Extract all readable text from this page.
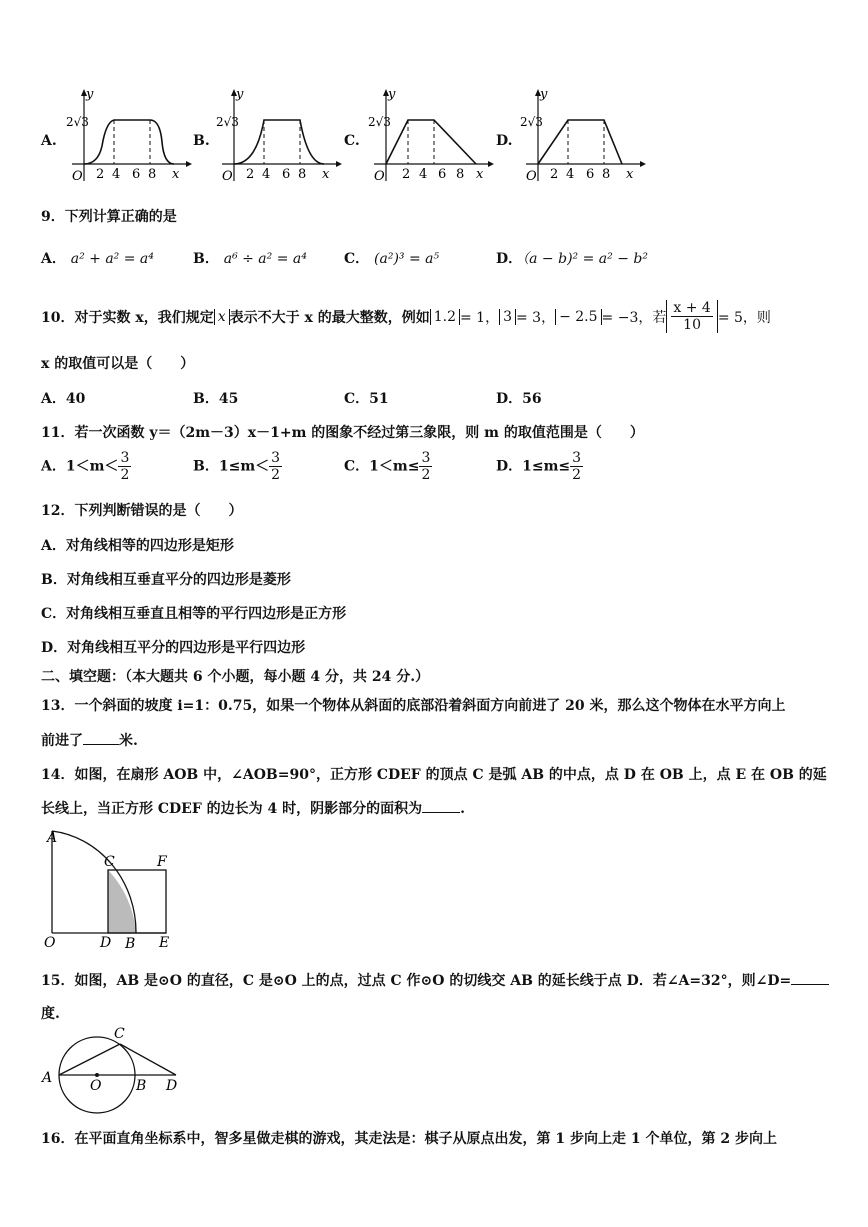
A.
y
2√3
O 2 4 6 8 x
B.
y
2√3
O 2 4 6 8 x
C.
y
2√3
O 2 4 6 8 x
D.
y
2√3
O 2 4 6 8 x
9．下列计算正确的是
A． a² + a² = a⁴	B． a⁶ ÷ a² = a⁴	C． (a²)³ = a⁵	D．（a − b)² = a² − b²
10．对于实数 x，我们规定 x 表示不大于 x 的最大整数，例如 1.2 = 1， 3 = 3， − 2.5 = −3，若 $\frac{x + 4}{10} = 5$，则
x 的取值可以是（　　）
A．40	B．45	C．51	D．56
11．若一次函数 y＝（2m－3）x－1+m 的图象不经过第三象限，则 m 的取值范围是（　　）
A．$1<m< \frac{3}{2}$	B．$1\le m< \frac{3}{2}$	C．$1<m\le \frac{3}{2}$	D．$1\le m\le \frac{3}{2}$
12．下列判断错误的是（　　）
A．对角线相等的四边形是矩形
B．对角线相互垂直平分的四边形是菱形
C．对角线相互垂直且相等的平行四边形是正方形
D．对角线相互平分的四边形是平行四边形
二、填空题：（本大题共 6 个小题，每小题 4 分，共 24 分.）
13．一个斜面的坡度 i=1：0.75，如果一个物体从斜面的底部沿着斜面方向前进了 20 米，那么这个物体在水平方向上
前进了	米.
14．如图，在扇形 AOB 中，∠AOB=90°，正方形 CDEF 的顶点 C 是弧 AB 的中点，点 D 在 OB 上，点 E 在 OB 的延
长线上，当正方形 CDEF 的边长为 4 时，阴影部分的面积为	.
A
C	F
O	D B E
15．如图，AB 是⊙O 的直径，C 是⊙O 上的点，过点 C 作⊙O 的切线交 AB 的延长线于点 D．若∠A=32°，则∠D=
度.
A	O B
C
D
16．在平面直角坐标系中，智多星做走棋的游戏，其走法是：棋子从原点出发，第 1 步向上走 1 个单位，第 2 步向上
